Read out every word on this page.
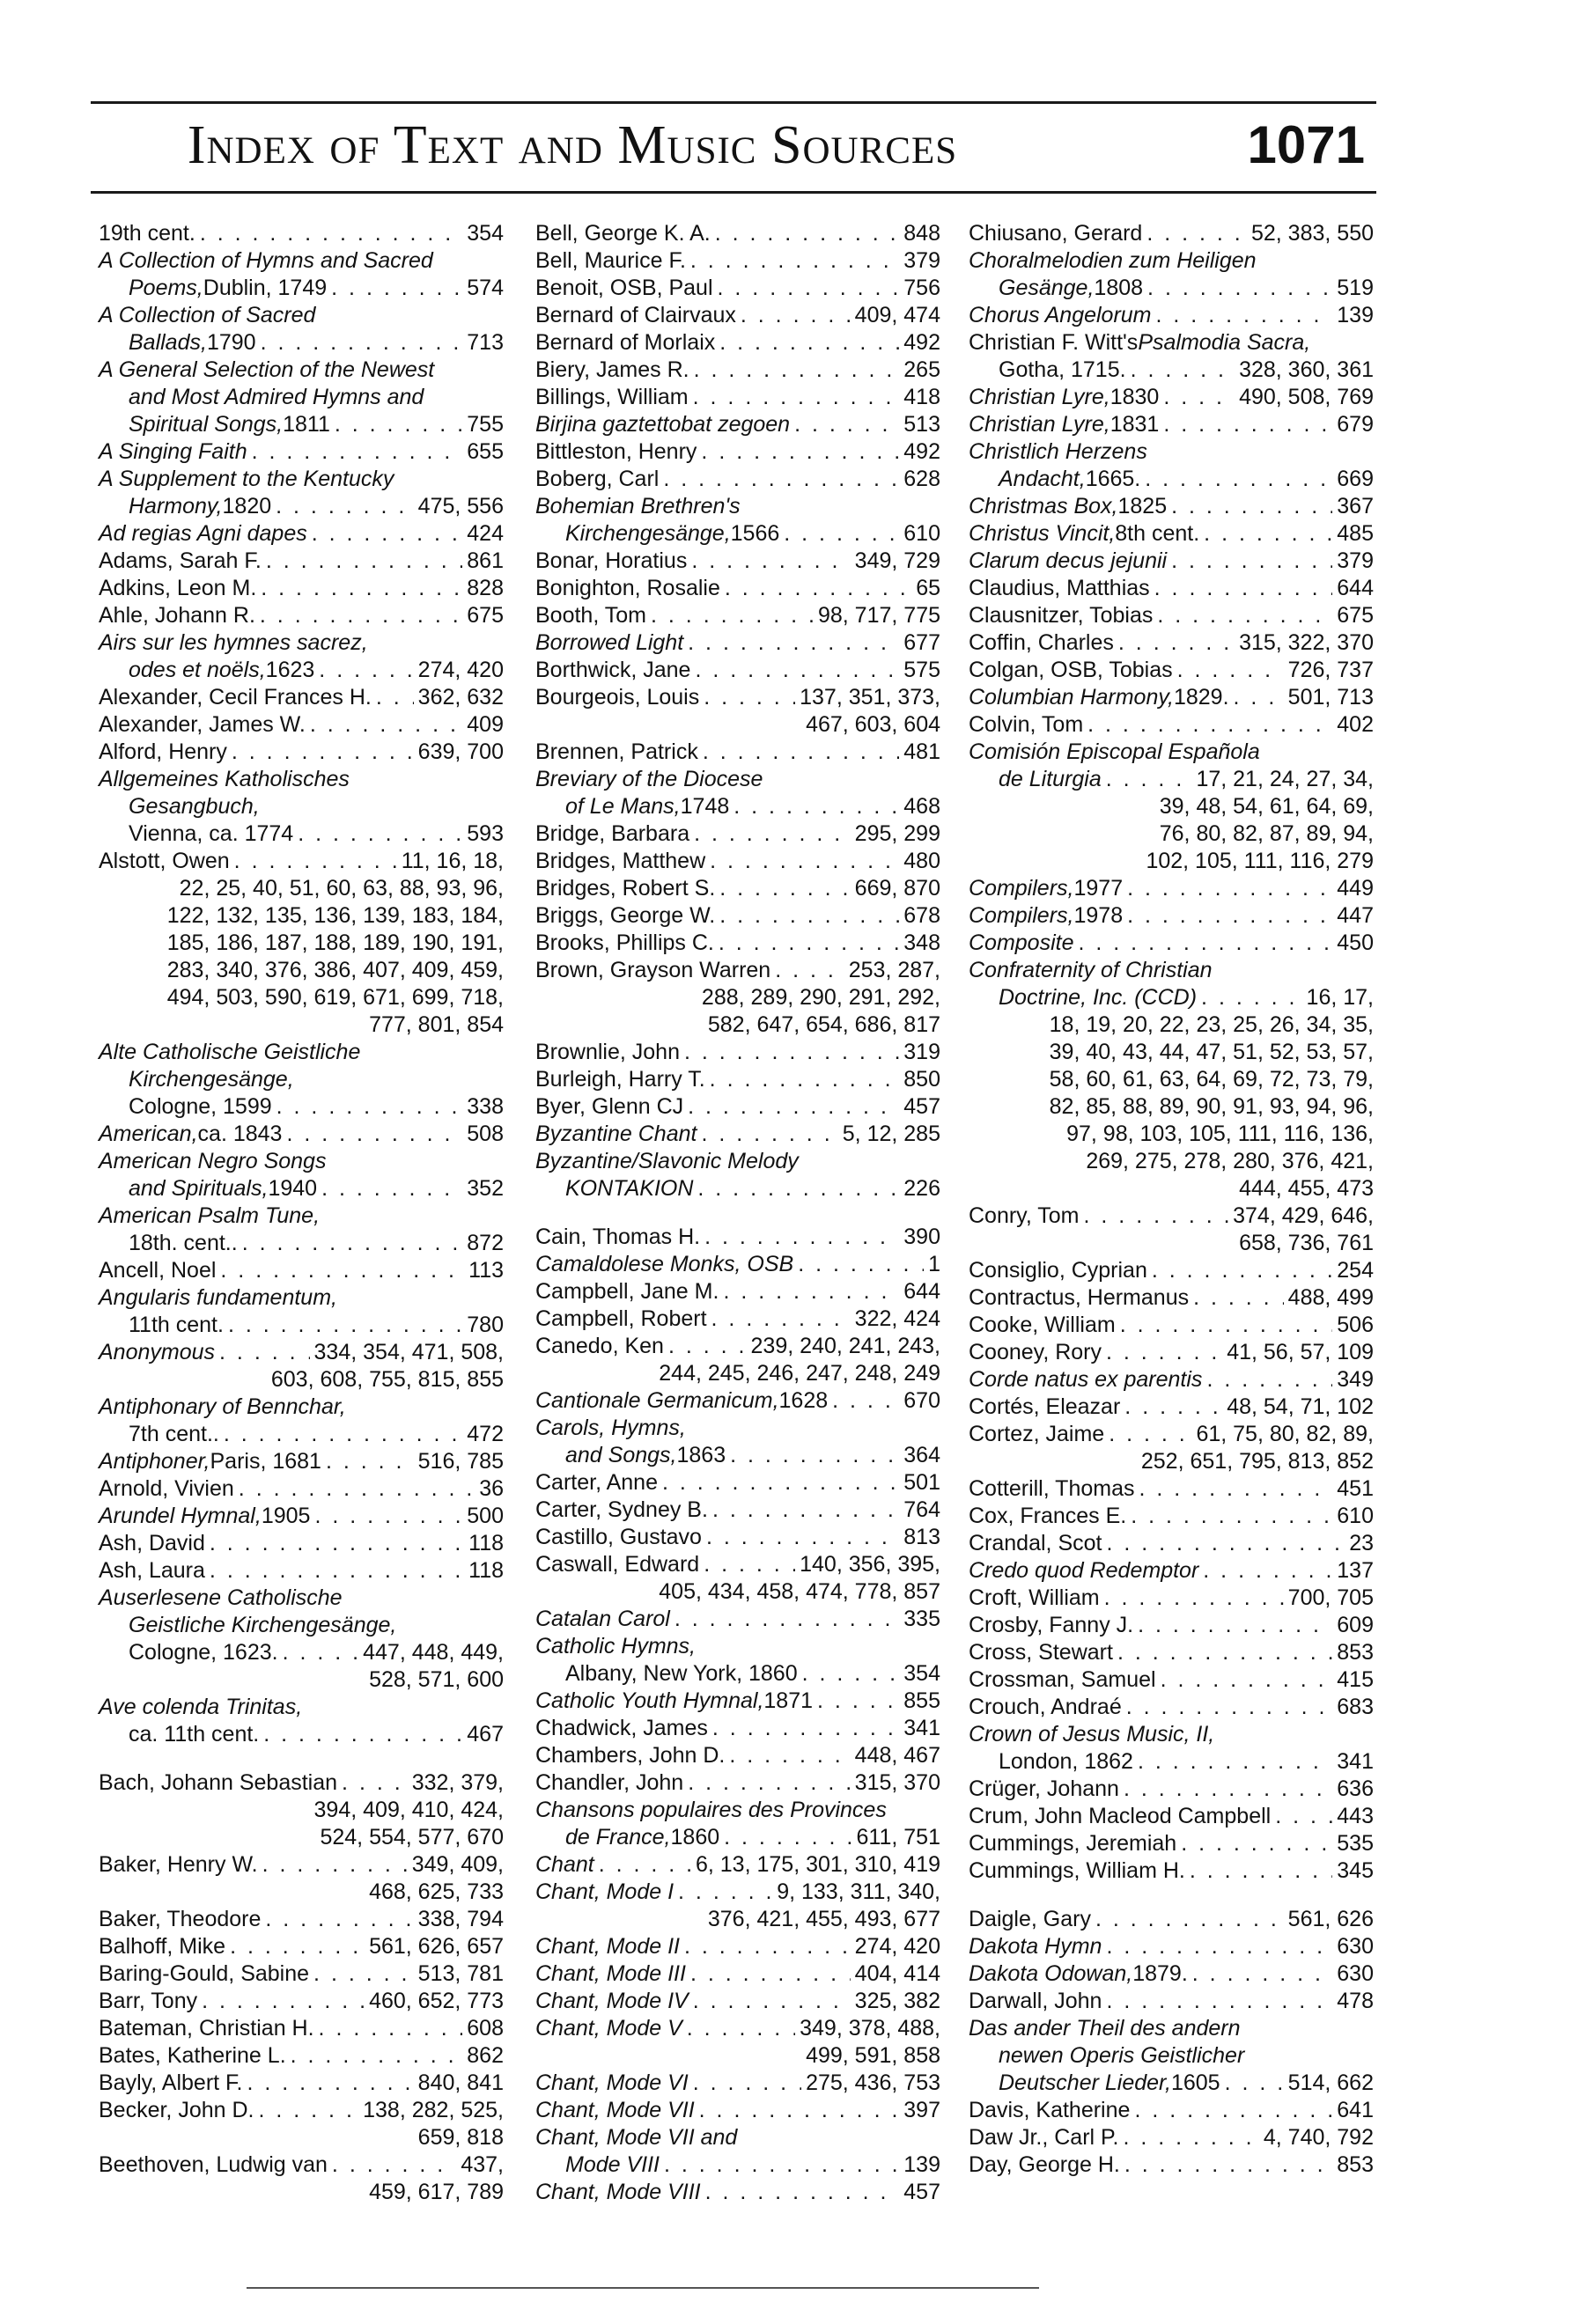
Index of Text and Music Sources	1071
19th cent. . . .	354
A Collection of Hymns and Sacred
Poems, Dublin, 1749 . . .	574
A Collection of Sacred
Ballads, 1790 . . .	713
A General Selection of the Newest
and Most Admired Hymns and
Spiritual Songs, 1811 . . .	755
A Singing Faith . . .	655
A Supplement to the Kentucky
Harmony, 1820 . . .	475, 556
Ad regias Agni dapes . . .	424
Adams, Sarah F. . . .	861
Adkins, Leon M. . . .	828
Ahle, Johann R. . . .	675
Airs sur les hymnes sacrez,
odes et noëls, 1623 . . .	274, 420
Alexander, Cecil Frances H. . . . 362, 632
Alexander, James W. . . .	409
Alford, Henry . . .	639, 700
Allgemeines Katholisches
Gesangbuch,
Vienna, ca. 1774 . . .	593
Alstott, Owen . . .	11, 16, 18,
22, 25, 40, 51, 60, 63, 88, 93, 96,
122, 132, 135, 136, 139, 183, 184,
185, 186, 187, 188, 189, 190, 191,
283, 340, 376, 386, 407, 409, 459,
494, 503, 590, 619, 671, 699, 718,
777, 801, 854
Alte Catholische Geistliche
Kirchengesänge,
Cologne, 1599 . . .	338
American, ca. 1843 . . .	508
American Negro Songs
and Spirituals, 1940 . . .	352
American Psalm Tune,
18th. cent.. . . .	872
Ancell, Noel . . .	113
Angularis fundamentum,
11th cent. . . .	780
Anonymous . . .	334, 354, 471, 508,
603, 608, 755, 815, 855
Antiphonary of Bennchar,
7th cent.. . . .	472
Antiphoner, Paris, 1681 . . .	516, 785
Arnold, Vivien . . .	36
Arundel Hymnal, 1905 . . .	500
Ash, David . . .	118
Ash, Laura . . .	118
Auserlesene Catholische
Geistliche Kirchengesänge,
Cologne, 1623. . . .	447, 448, 449,
528, 571, 600
Ave colenda Trinitas,
ca. 11th cent. . . .	467
Bach, Johann Sebastian . . .	332, 379,
394, 409, 410, 424,
524, 554, 577, 670
Baker, Henry W. . . .	349, 409,
468, 625, 733
Baker, Theodore . . .	338, 794
Balhoff, Mike . . .	561, 626, 657
Baring-Gould, Sabine . . .	513, 781
Barr, Tony . . .	460, 652, 773
Bateman, Christian H. . . .	608
Bates, Katherine L. . . .	862
Bayly, Albert F. . . .	840, 841
Becker, John D. . . .	138, 282, 525,
659, 818
Beethoven, Ludwig van . . .	437,
459, 617, 789
Bell, George K. A. . . .	848
Bell, Maurice F. . . .	379
Benoit, OSB, Paul . . .	756
Bernard of Clairvaux . . .	409, 474
Bernard of Morlaix . . .	492
Biery, James R. . . .	265
Billings, William . . .	418
Birjina gaztettobat zegoen . . .	513
Bittleston, Henry . . .	492
Boberg, Carl . . .	628
Bohemian Brethren's
Kirchengesänge, 1566 . . .	610
Bonar, Horatius . . .	349, 729
Bonighton, Rosalie . . .	65
Booth, Tom . . .	98, 717, 775
Borrowed Light . . .	677
Borthwick, Jane . . .	575
Bourgeois, Louis . . .	137, 351, 373,
467, 603, 604
Brennen, Patrick . . .	481
Breviary of the Diocese
of Le Mans, 1748 . . .	468
Bridge, Barbara . . .	295, 299
Bridges, Matthew . . .	480
Bridges, Robert S. . . .	669, 870
Briggs, George W. . . .	678
Brooks, Phillips C. . . .	348
Brown, Grayson Warren . . .	253, 287,
288, 289, 290, 291, 292,
582, 647, 654, 686, 817
Brownlie, John . . .	319
Burleigh, Harry T. . . .	850
Byer, Glenn CJ . . .	457
Byzantine Chant . . .	5, 12, 285
Byzantine/Slavonic Melody
KONTAKION . . .	226
Cain, Thomas H. . . .	390
Camaldolese Monks, OSB . . .	1
Campbell, Jane M. . . .	644
Campbell, Robert . . .	322, 424
Canedo, Ken . . .	239, 240, 241, 243,
244, 245, 246, 247, 248, 249
Cantionale Germanicum, 1628 . . .	670
Carols, Hymns,
and Songs, 1863 . . .	364
Carter, Anne . . .	501
Carter, Sydney B. . . .	764
Castillo, Gustavo . . .	813
Caswall, Edward . . .	140, 356, 395,
405, 434, 458, 474, 778, 857
Catalan Carol . . .	335
Catholic Hymns,
Albany, New York, 1860 . . .	354
Catholic Youth Hymnal, 1871 . . .	855
Chadwick, James . . .	341
Chambers, John D. . . .	448, 467
Chandler, John . . .	315, 370
Chansons populaires des Provinces
de France, 1860 . . .	611, 751
Chant . . .	6, 13, 175, 301, 310, 419
Chant, Mode I . . .	9, 133, 311, 340,
376, 421, 455, 493, 677
Chant, Mode II . . .	274, 420
Chant, Mode III . . .	404, 414
Chant, Mode IV . . .	325, 382
Chant, Mode V . . .	349, 378, 488,
499, 591, 858
Chant, Mode VI . . .	275, 436, 753
Chant, Mode VII . . .	397
Chant, Mode VII and
Mode VIII . . .	139
Chant, Mode VIII . . .	457
Chiusano, Gerard . . .	52, 383, 550
Choralmelodien zum Heiligen
Gesänge, 1808 . . .	519
Chorus Angelorum . . .	139
Christian F. Witt's Psalmodia Sacra,
Gotha, 1715. . . .	328, 360, 361
Christian Lyre, 1830 . . .	490, 508, 769
Christian Lyre, 1831 . . .	679
Christlich Herzens
Andacht, 1665. . . .	669
Christmas Box, 1825 . . .	367
Christus Vincit, 8th cent. . . .	485
Clarum decus jejunii . . .	379
Claudius, Matthias . . .	644
Clausnitzer, Tobias . . .	675
Coffin, Charles . . .	315, 322, 370
Colgan, OSB, Tobias . . .	726, 737
Columbian Harmony, 1829. . . .	501, 713
Colvin, Tom . . .	402
Comisión Episcopal Española
de Liturgia . . .	17, 21, 24, 27, 34,
39, 48, 54, 61, 64, 69,
76, 80, 82, 87, 89, 94,
102, 105, 111, 116, 279
Compilers, 1977 . . .	449
Compilers, 1978 . . .	447
Composite . . .	450
Confraternity of Christian
Doctrine, Inc. (CCD) . . .	16, 17,
18, 19, 20, 22, 23, 25, 26, 34, 35,
39, 40, 43, 44, 47, 51, 52, 53, 57,
58, 60, 61, 63, 64, 69, 72, 73, 79,
82, 85, 88, 89, 90, 91, 93, 94, 96,
97, 98, 103, 105, 111, 116, 136,
269, 275, 278, 280, 376, 421,
444, 455, 473
Conry, Tom . . .	374, 429, 646,
658, 736, 761
Consiglio, Cyprian . . .	254
Contractus, Hermanus . . .	488, 499
Cooke, William . . .	506
Cooney, Rory . . .	41, 56, 57, 109
Corde natus ex parentis . . .	349
Cortés, Eleazar . . .	48, 54, 71, 102
Cortez, Jaime . . .	61, 75, 80, 82, 89,
252, 651, 795, 813, 852
Cotterill, Thomas . . .	451
Cox, Frances E. . . .	610
Crandal, Scot . . .	23
Credo quod Redemptor . . .	137
Croft, William . . .	700, 705
Crosby, Fanny J. . . .	609
Cross, Stewart . . .	853
Crossman, Samuel . . .	415
Crouch, Andraé . . .	683
Crown of Jesus Music, II,
London, 1862 . . .	341
Crüger, Johann . . .	636
Crum, John Macleod Campbell . . .	443
Cummings, Jeremiah . . .	535
Cummings, William H. . . .	345
Daigle, Gary . . .	561, 626
Dakota Hymn . . .	630
Dakota Odowan, 1879. . . .	630
Darwall, John . . .	478
Das ander Theil des andern
newen Operis Geistlicher
Deutscher Lieder, 1605 . . .	514, 662
Davis, Katherine . . .	641
Daw Jr., Carl P. . . .	4, 740, 792
Day, George H. . . .	853
